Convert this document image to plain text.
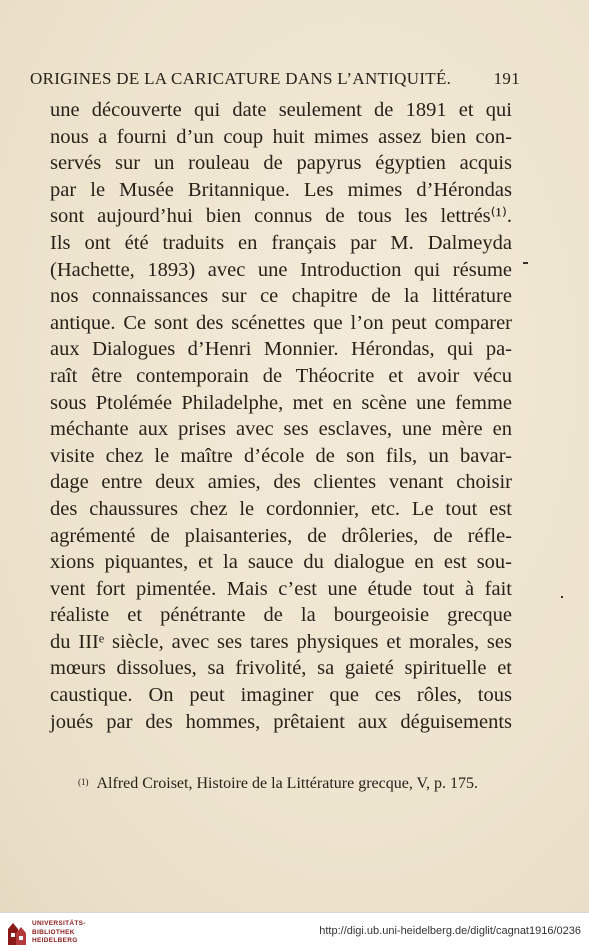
ORIGINES DE LA CARICATURE DANS L’ANTIQUITÉ. 191
une découverte qui date seulement de 1891 et qui
nous a fourni d’un coup huit mimes assez bien con-
servés sur un rouleau de papyrus égyptien acquis
par le Musée Britannique. Les mimes d’Hérondas
sont aujourd’hui bien connus de tous les lettrés⁽¹⁾.
Ils ont été traduits en français par M. Dalmeyda
(Hachette, 1893) avec une Introduction qui résume
nos connaissances sur ce chapitre de la littérature
antique. Ce sont des scénettes que l’on peut comparer
aux Dialogues d’Henri Monnier. Hérondas, qui pa-
raît être contemporain de Théocrite et avoir vécu
sous Ptolémée Philadelphe, met en scène une femme
méchante aux prises avec ses esclaves, une mère en
visite chez le maître d’école de son fils, un bavar-
dage entre deux amies, des clientes venant choisir
des chaussures chez le cordonnier, etc. Le tout est
agrémenté de plaisanteries, de drôleries, de réfle-
xions piquantes, et la sauce du dialogue en est sou-
vent fort pimentée. Mais c’est une étude tout à fait
réaliste et pénétrante de la bourgeoisie grecque
du IIIᵉ siècle, avec ses tares physiques et morales, ses
mœurs dissolues, sa frivolité, sa gaieté spirituelle et
caustique. On peut imaginer que ces rôles, tous
joués par des hommes, prêtaient aux déguisements
$^{(1)}$ Alfred Croiset, Histoire de la Littérature grecque, V, p. 175.
UNIVERSITÄTS-
BIBLIOTHEK
HEIDELBERG
http://digi.ub.uni-heidelberg.de/diglit/cagnat1916/0236
